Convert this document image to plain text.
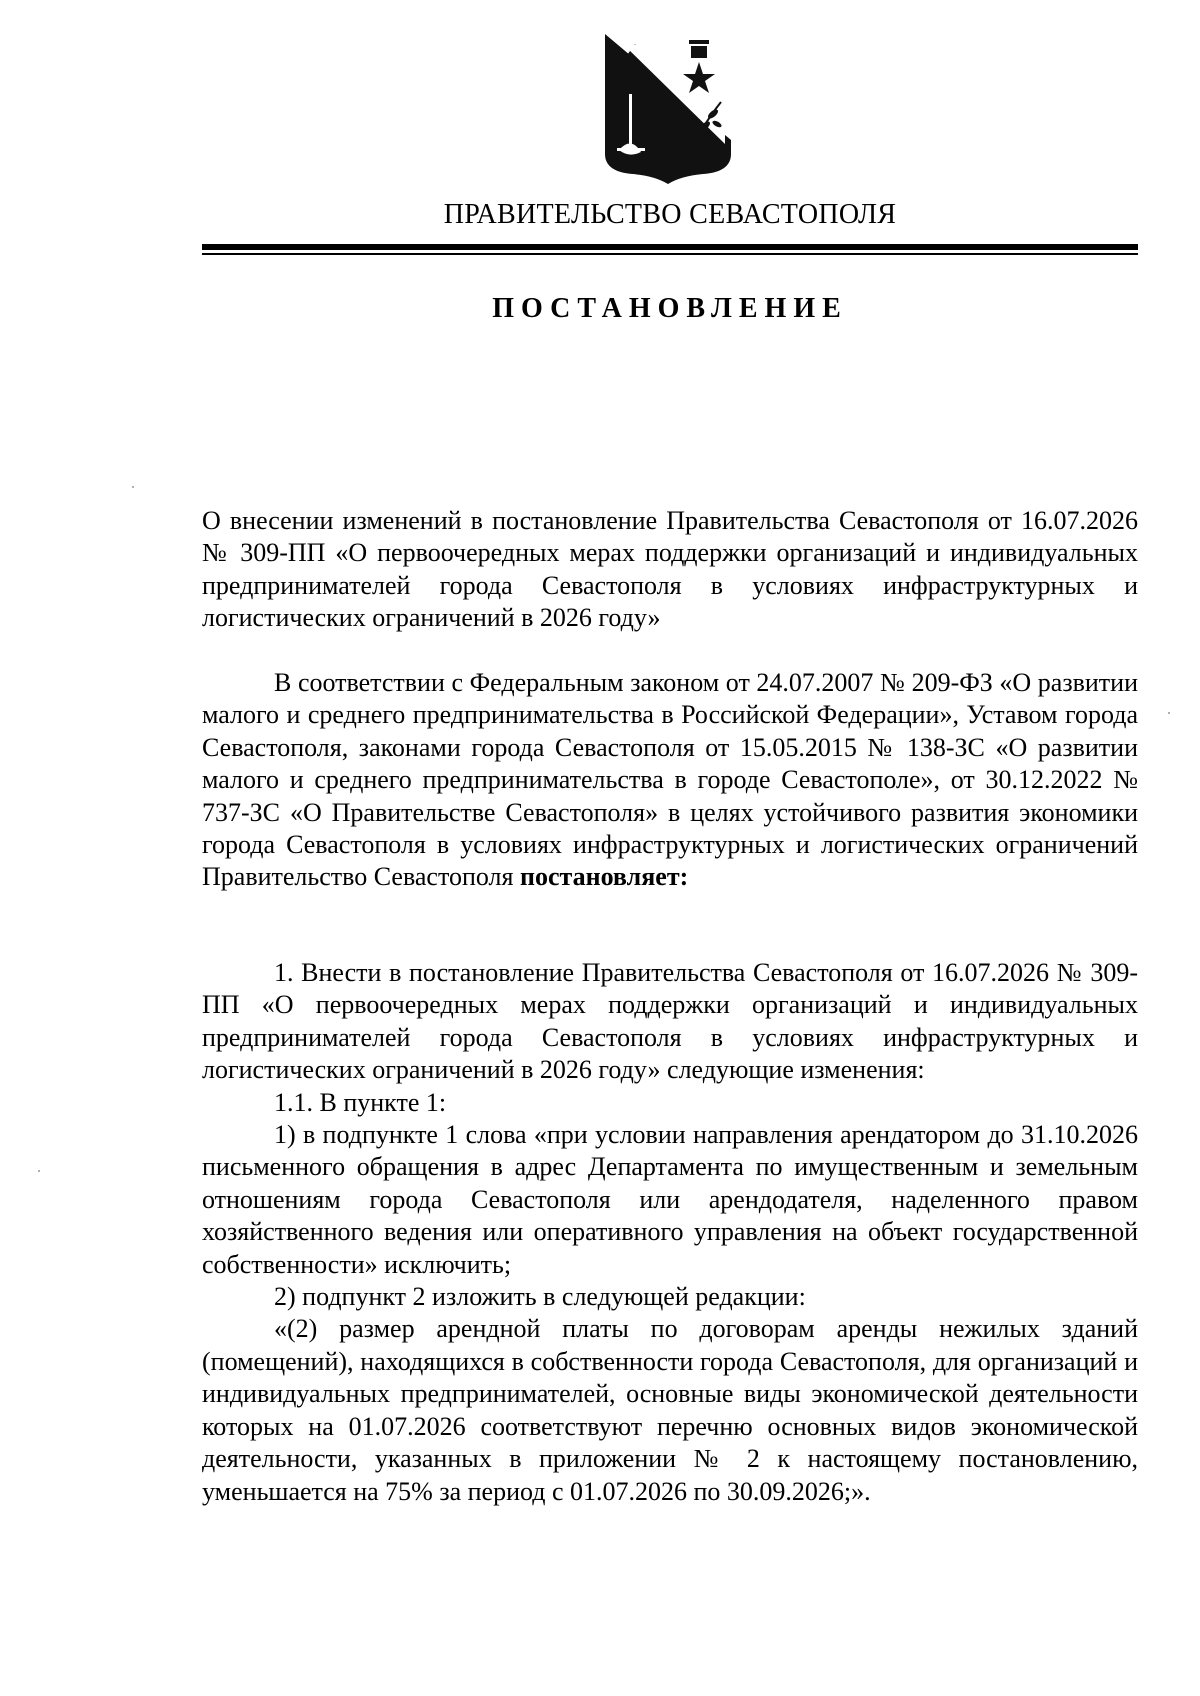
ПРАВИТЕЛЬСТВО СЕВАСТОПОЛЯ
ПОСТАНОВЛЕНИЕ

О внесении изменений в постановление Правительства Севастополя от 16.07.2026 № 309-ПП «О первоочередных мерах поддержки организаций и индивидуальных предпринимателей города Севастополя в условиях инфраструктурных и логистических ограничений в 2026 году»

В соответствии с Федеральным законом от 24.07.2007 № 209-ФЗ «О развитии малого и среднего предпринимательства в Российской Федерации», Уставом города Севастополя, законами города Севастополя от 15.05.2015 № 138-ЗС «О развитии малого и среднего предпринимательства в городе Севастополе», от 30.12.2022 № 737-ЗС «О Правительстве Севастополя» в целях устойчивого развития экономики города Севастополя в условиях инфраструктурных и логистических ограничений Правительство Севастополя постановляет:

1. Внести в постановление Правительства Севастополя от 16.07.2026 № 309-ПП «О первоочередных мерах поддержки организаций и индивидуальных предпринимателей города Севастополя в условиях инфраструктурных и логистических ограничений в 2026 году» следующие изменения:

1.1. В пункте 1:

1) в подпункте 1 слова «при условии направления арендатором до 31.10.2026 письменного обращения в адрес Департамента по имущественным и земельным отношениям города Севастополя или арендодателя, наделенного правом хозяйственного ведения или оперативного управления на объект государственной собственности» исключить;

2) подпункт 2 изложить в следующей редакции:

«(2) размер арендной платы по договорам аренды нежилых зданий (помещений), находящихся в собственности города Севастополя, для организаций и индивидуальных предпринимателей, основные виды экономической деятельности которых на 01.07.2026 соответствуют перечню основных видов экономической деятельности, указанных в приложении № 2 к настоящему постановлению, уменьшается на 75% за период с 01.07.2026 по 30.09.2026;».
